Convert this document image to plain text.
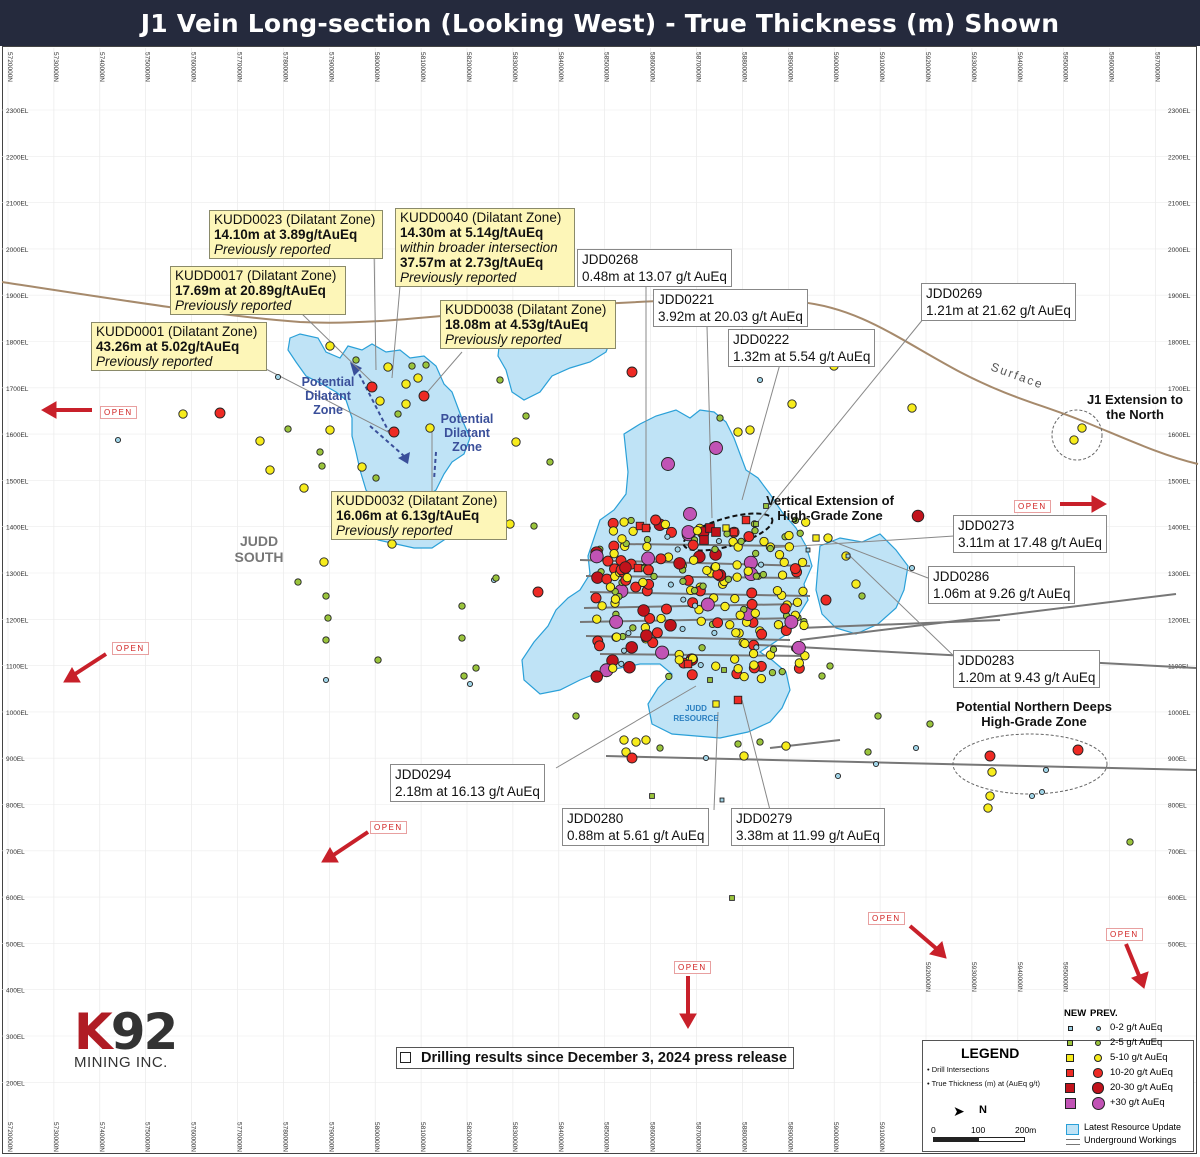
J1 Vein Long-section (Looking West) - True Thickness (m) Shown
5720000N	5730000N	5740000N	5750000N	5760000N	5770000N	5780000N	5790000N	5800000N	5810000N	5820000N	5830000N	5840000N	5850000N	5860000N	5870000N	5880000N	5890000N	5900000N	5910000N	5920000N	5930000N	5940000N	5950000N	5960000N	5970000N
5720000N	5730000N	5740000N	5750000N	5760000N	5770000N	5780000N	5790000N	5800000N	5810000N	5820000N	5830000N	5840000N	5850000N	5860000N	5870000N	5880000N	5890000N	5900000N	5910000N
5920000N	5930000N	5940000N	5950000N
2300EL	2300EL
2200EL	2200EL
2100EL	2100EL
2000EL	2000EL
1900EL	1900EL
1800EL	1800EL
1700EL	1700EL
1600EL	1600EL
1500EL	1500EL
1400EL	1400EL
1300EL	1300EL
1200EL	1200EL
1100EL	1100EL
1000EL	1000EL
900EL	900EL
800EL	800EL
700EL	700EL
600EL	600EL
500EL	500EL
400EL
300EL
200EL
Surface
OPEN
OPEN
OPEN
OPEN
OPEN
OPEN
OPEN
KUDD0023 (Dilatant Zone)
14.10m at 3.89g/tAuEq
Previously reported
KUDD0040 (Dilatant Zone)
14.30m at 5.14g/tAuEq
within broader intersection
37.57m at 2.73g/tAuEq
Previously reported
KUDD0017 (Dilatant Zone)
17.69m at 20.89g/tAuEq
Previously reported	KUDD0038 (Dilatant Zone)
18.08m at 4.53g/tAuEq
Previously reported
KUDD0001 (Dilatant Zone)
43.26m at 5.02g/tAuEq
Previously reported
KUDD0032 (Dilatant Zone)
16.06m at 6.13g/tAuEq
Previously reported
JDD0268
0.48m at 13.07 g/t AuEq
JDD0221
3.92m at 20.03 g/t AuEq
JDD0222
1.32m at 5.54 g/t AuEq
JDD0269
1.21m at 21.62 g/t AuEq
JDD0273
3.11m at 17.48 g/t AuEq
JDD0286
1.06m at 9.26 g/t AuEq
JDD0283
1.20m at 9.43 g/t AuEq
JDD0294
2.18m at 16.13 g/t AuEq
JDD0280
0.88m at 5.61 g/t AuEq
JDD0279
3.38m at 11.99 g/t AuEq
Potential Dilatant Zone
Potential Dilatant Zone
JUDD SOUTH
JUDD RESOURCE
Vertical Extension of High-Grade Zone
J1 Extension to the North
Potential Northern Deeps High-Grade Zone
Drilling results since December 3, 2024 press release
K92
MINING INC.
NEW PREV.
LEGEND
• Drill Intersections
• True Thickness (m) at (AuEq g/t)
➤ N
0	100	200m
0-2 g/t AuEq
2-5 g/t AuEq
5-10 g/t AuEq
10-20 g/t AuEq
20-30 g/t AuEq
+30 g/t AuEq
Latest Resource Update
Underground Workings
